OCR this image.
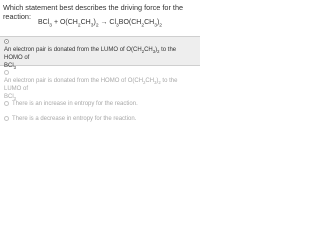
Which statement best describes the driving force for the reaction:
$BCl_3 + O(CH_2CH_3)_2 \to Cl_3BO(CH_2CH_3)_2$
An electron pair is donated from the LUMO of $O(CH_2CH_3)_2$ to the HOMO of
BCl$_3$
An electron pair is donated from the HOMO of $O(CH_2CH_3)_2$ to the LUMO of
BCl$_3$
There is an increase in entropy for the reaction.
There is a decrease in entropy for the reaction.
